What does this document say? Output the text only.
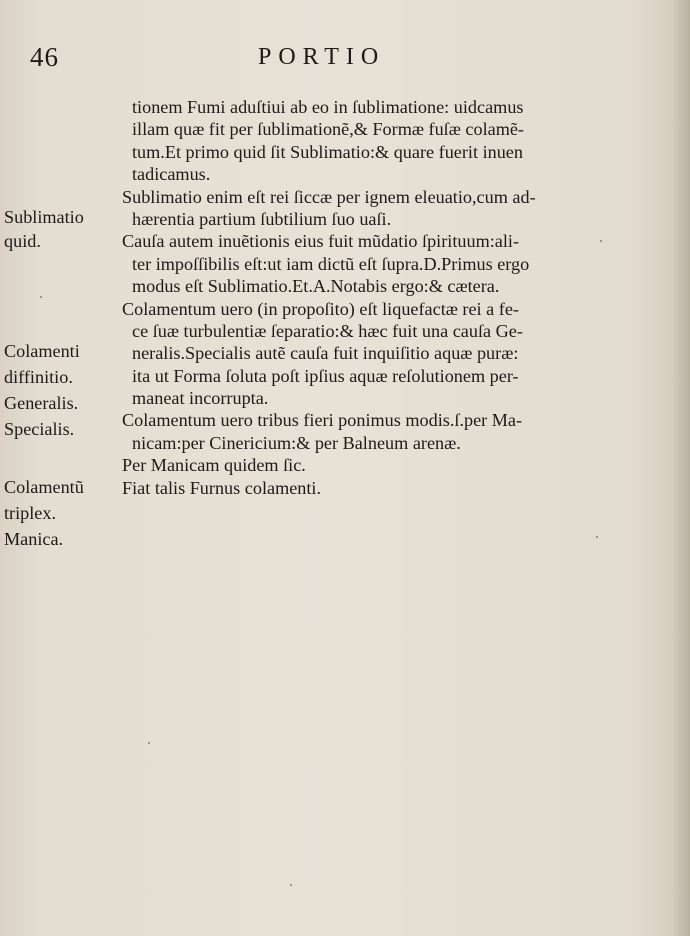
46	PORTIO
tionem Fumi aduſtiui ab eo in ſublimatione: uidcamus
illam quæ fit per ſublimationẽ,& Formæ fuſæ colamẽ-
tum.Et primo quid ſit Sublimatio:& quare fuerit inuen
tadicamus.
Sublimatio enim eſt rei ſiccæ per ignem eleuatio,cum ad-
hærentia partium ſubtilium ſuo uaſi.
Cauſa autem inuẽtionis eius fuit mũdatio ſpirituum:ali-
ter impoſſibilis eſt:ut iam dictũ eſt ſupra.D.Primus ergo
modus eſt Sublimatio.Et.A.Notabis ergo:& cætera.
Colamentum uero (in propoſito) eſt liquefactæ rei a fe-
ce ſuæ turbulentiæ ſeparatio:& hæc fuit una cauſa Ge-
neralis.Specialis autẽ cauſa fuit inquiſitio aquæ puræ:
ita ut Forma ſoluta poſt ipſius aquæ reſolutionem per-
maneat incorrupta.
Colamentum uero tribus fieri ponimus modis.ſ.per Ma-
nicam:per Cinericium:& per Balneum arenæ.
Per Manicam quidem ſic.
Fiat talis Furnus colamenti.
Sublimatio
quid.
Colamenti
diffinitio.
Generalis.
Specialis.
Colamentũ
triplex.
Manica.
